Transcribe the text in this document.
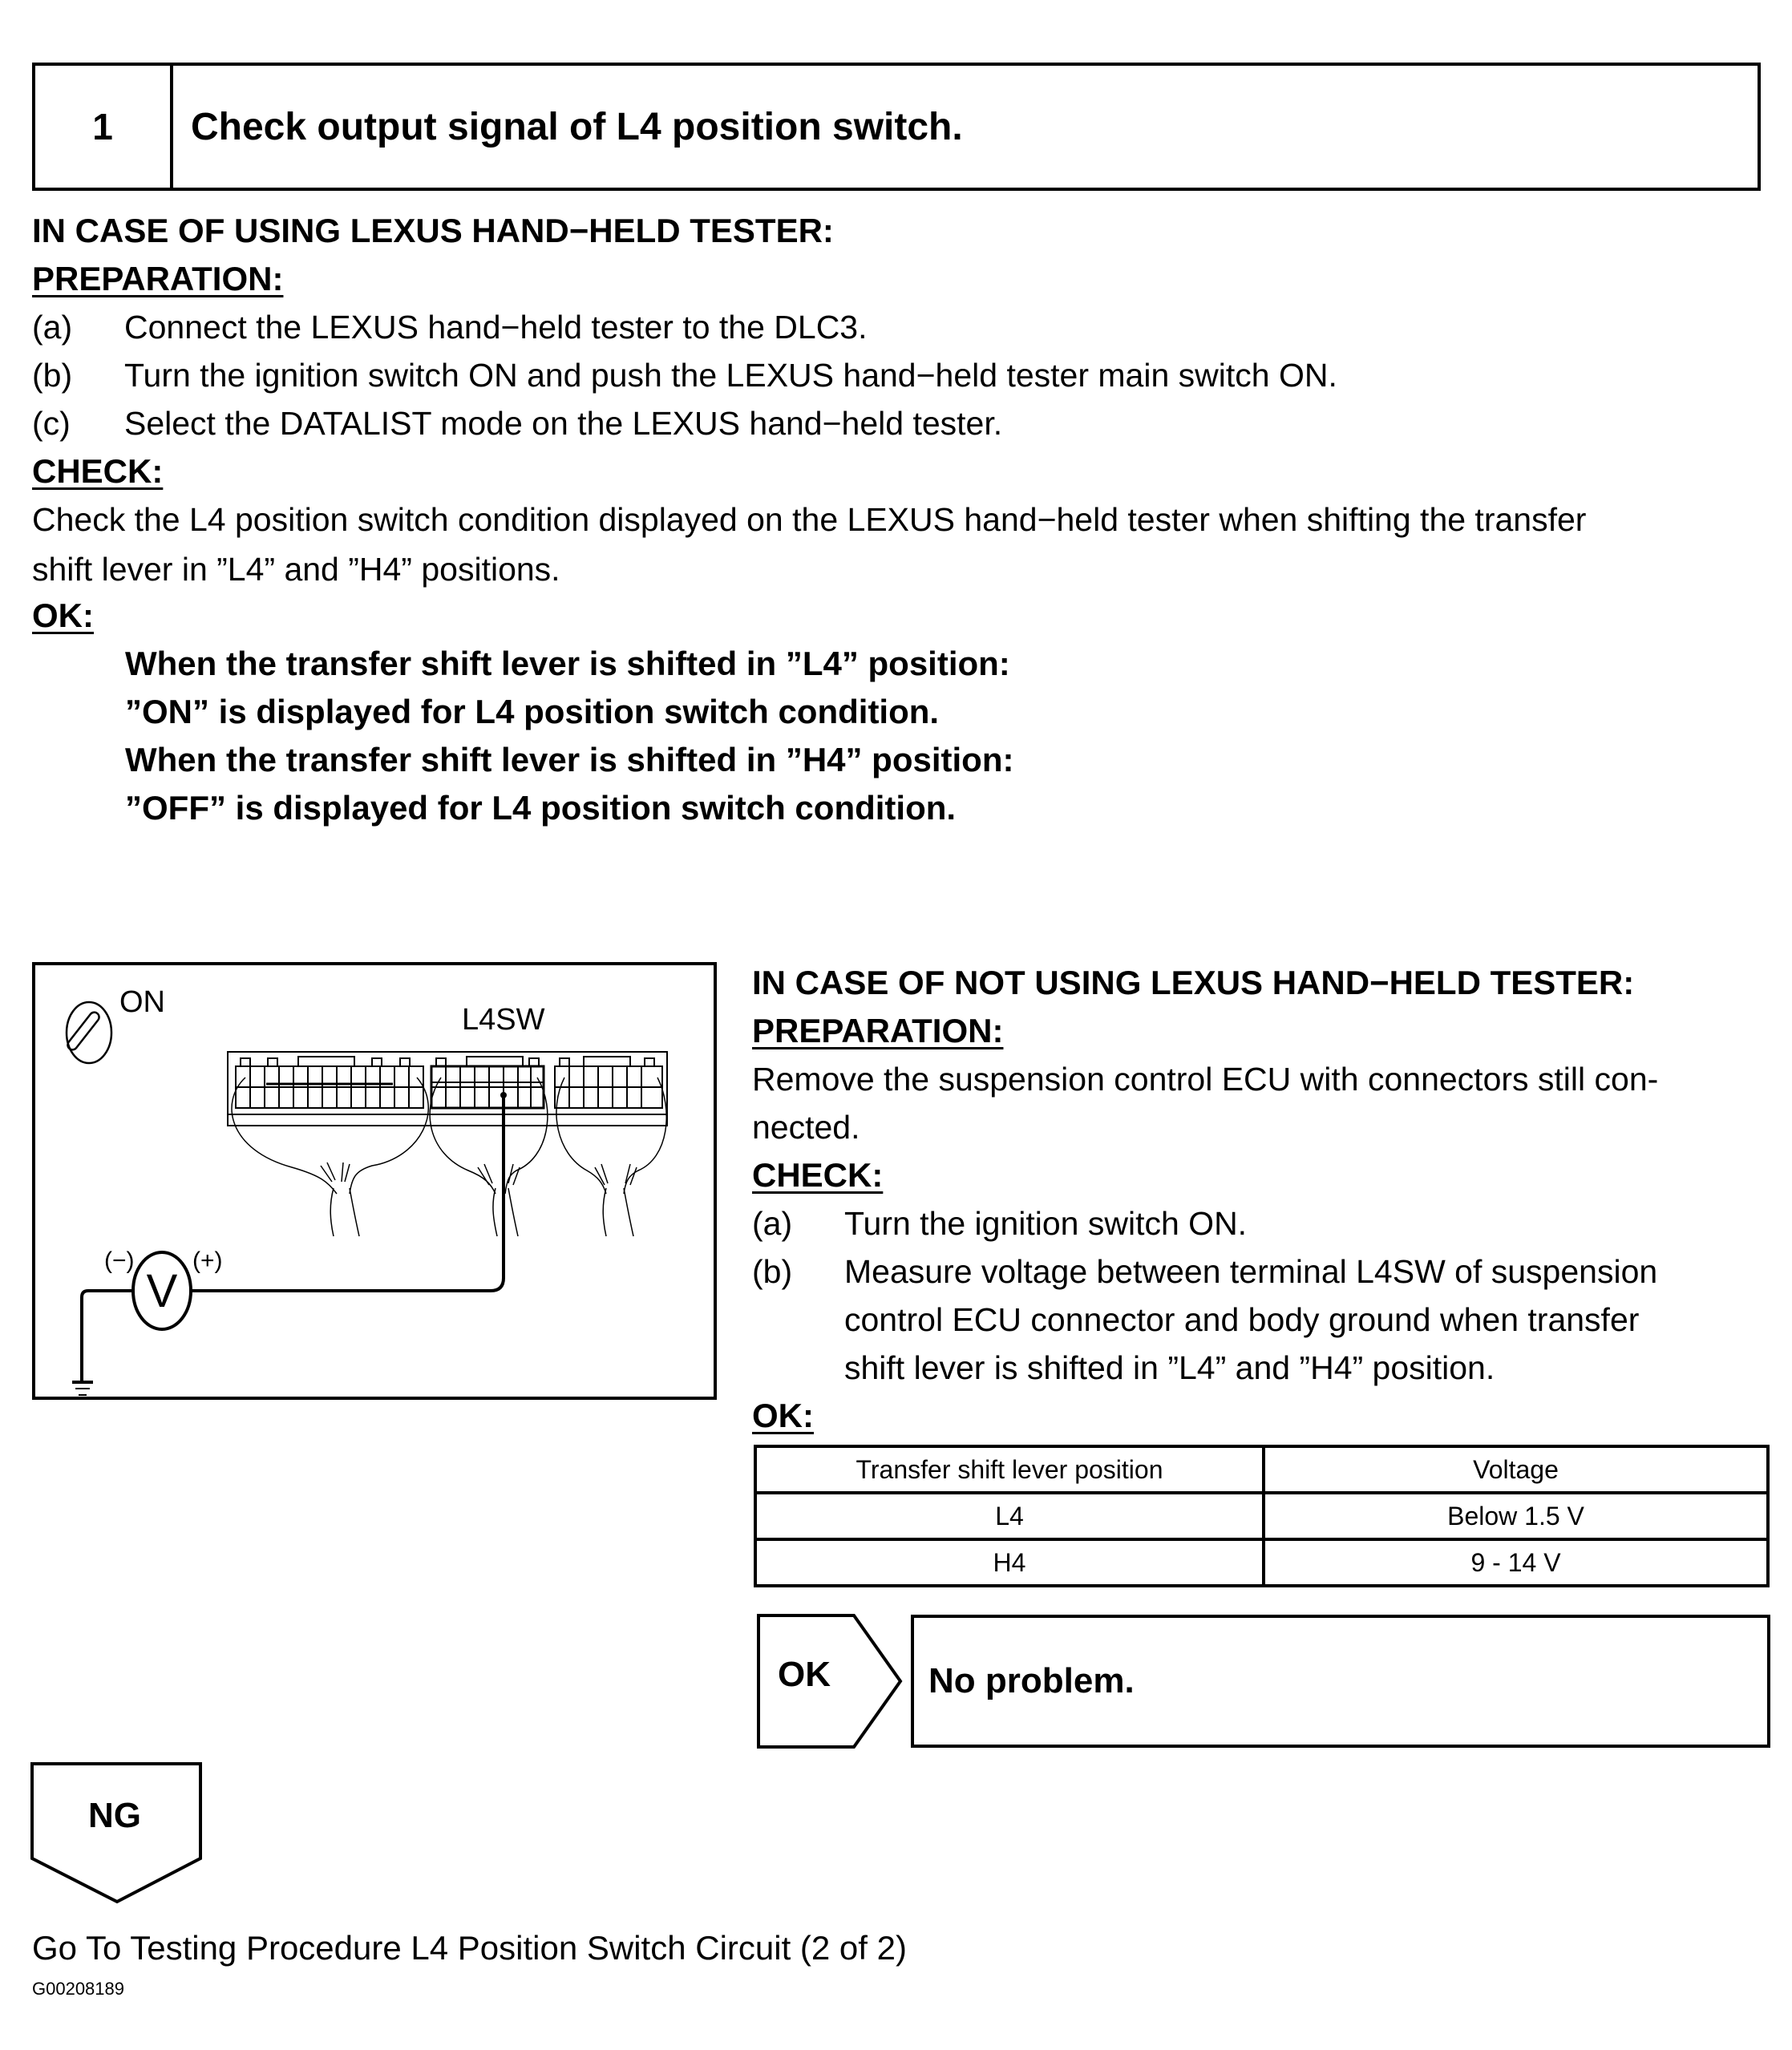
1	Check output signal of L4 position switch.
IN CASE OF USING LEXUS HAND−HELD TESTER:
PREPARATION:
(a) Connect the LEXUS hand−held tester to the DLC3.
(b) Turn the ignition switch ON and push the LEXUS hand−held tester main switch ON.
(c) Select the DATALIST mode on the LEXUS hand−held tester.
CHECK:
Check the L4 position switch condition displayed on the LEXUS hand−held tester when shifting the transfer
shift lever in ”L4” and ”H4” positions.
OK:
When the transfer shift lever is shifted in ”L4” position:
”ON” is displayed for L4 position switch condition.
When the transfer shift lever is shifted in ”H4” position:
”OFF” is displayed for L4 position switch condition.
ON
L4SW
V
(−) (+)
IN CASE OF NOT USING LEXUS HAND−HELD TESTER:
PREPARATION:
Remove the suspension control ECU with connectors still con-
nected.
CHECK:
(a) Turn the ignition switch ON.
(b) Measure voltage between terminal L4SW of suspension
control ECU connector and body ground when transfer
shift lever is shifted in ”L4” and ”H4” position.
OK:
Transfer shift lever position	Voltage
L4	Below 1.5 V
H4	9 - 14 V
OK	No problem.
NG
Go To Testing Procedure L4 Position Switch Circuit (2 of 2)
G00208189
